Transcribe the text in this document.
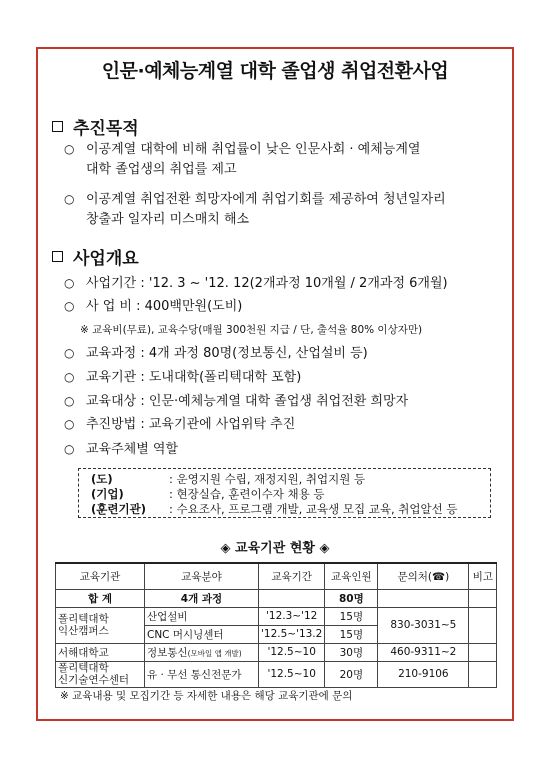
인문·예체능계열 대학 졸업생 취업전환사업
추진목적
○ 이공계열 대학에 비해 취업률이 낮은 인문사회 · 예체능계열
대학 졸업생의 취업를 제고
○ 이공계열 취업전환 희망자에게 취업기회를 제공하여 청년일자리
창출과 일자리 미스매치 해소
사업개요
○ 사업기간 : '12. 3 ~ '12. 12(2개과정 10개월 / 2개과정 6개월)
○ 사 업 비 : 400백만원(도비)
※ 교육비(무료), 교육수당(매월 300천원 지급 / 단, 출석율 80% 이상자만)
○ 교육과정 : 4개 과정 80명(정보통신, 산업설비 등)
○ 교육기관 : 도내대학(폴리텍대학 포함)
○ 교육대상 : 인문·예체능계열 대학 졸업생 취업전환 희망자
○ 추진방법 : 교육기관에 사업위탁 추진
○ 교육주체별 역할
(도)	: 운영지원 수립, 재정지원, 취업지원 등
(기업)	: 현장실습, 훈련이수자 채용 등
(훈련기관) : 수요조사, 프로그램 개발, 교육생 모집 교육, 취업알선 등
◈ 교육기관 현황 ◈
교육기관	교육분야	교육기간	교육인원	문의처(☎)	비고
합 계	4개 과정		80명		

폴리텍대학
익산캠퍼스	산업설비	'12.3~'12	15명	830-3031~5	
	CNC 머시닝센터	'12.5~'13.2	15명		
서해대학교	정보통신(모바일 앱 개발)	'12.5~10	30명	460-9311~2	

폴리텍대학
신기술연수센터	유 · 무선 통신전문가	'12.5~10	20명	210-9106	
※ 교육내용 및 모집기간 등 자세한 내용은 해당 교육기관에 문의
